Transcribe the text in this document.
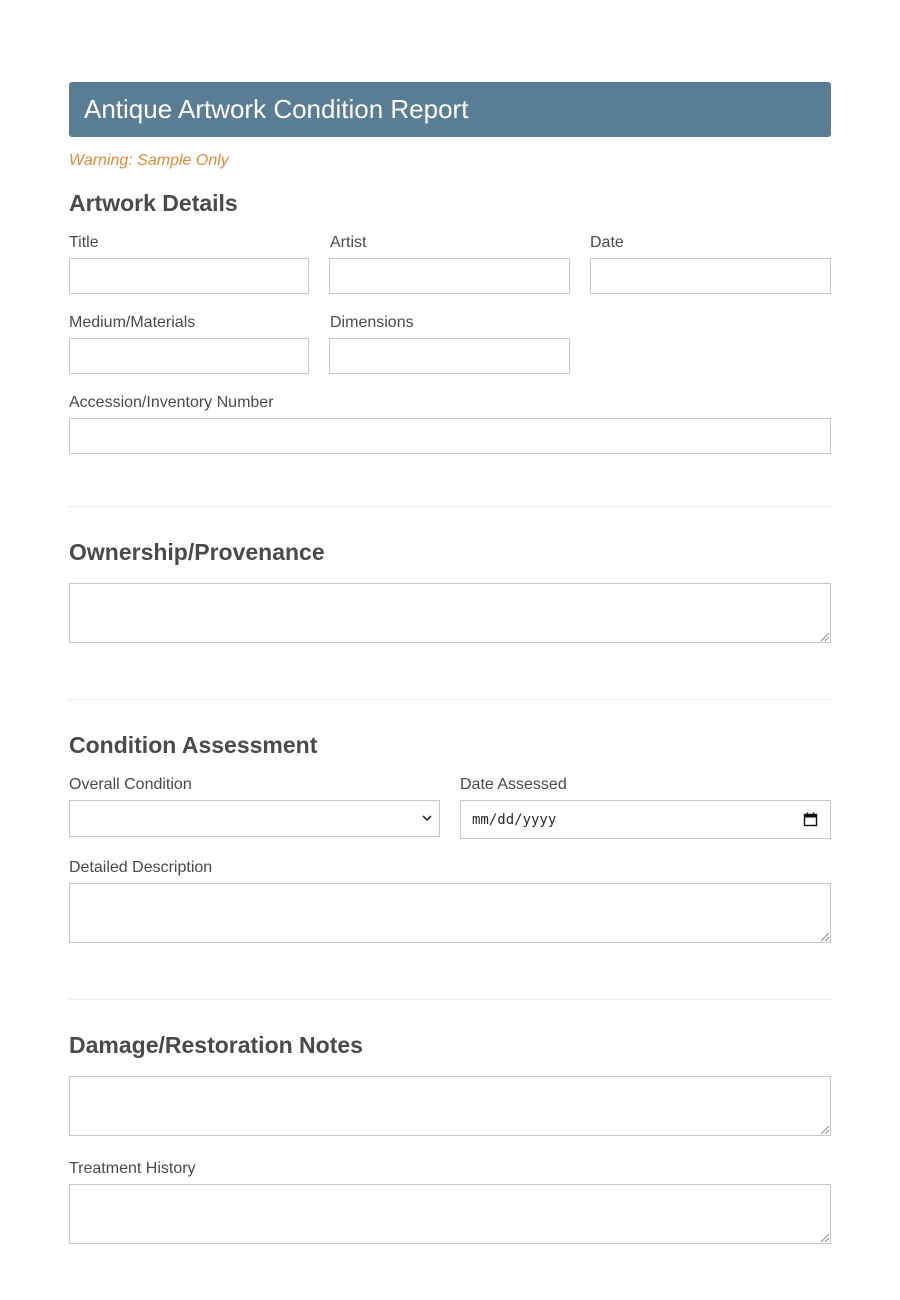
Antique Artwork Condition Report
Warning: Sample Only
Artwork Details
Title	Artist	Date
Medium/Materials	Dimensions
Accession/Inventory Number
Ownership/Provenance
Condition Assessment
Overall Condition	Date Assessed
mm/dd/yyyy
Detailed Description
Damage/Restoration Notes
Treatment History
